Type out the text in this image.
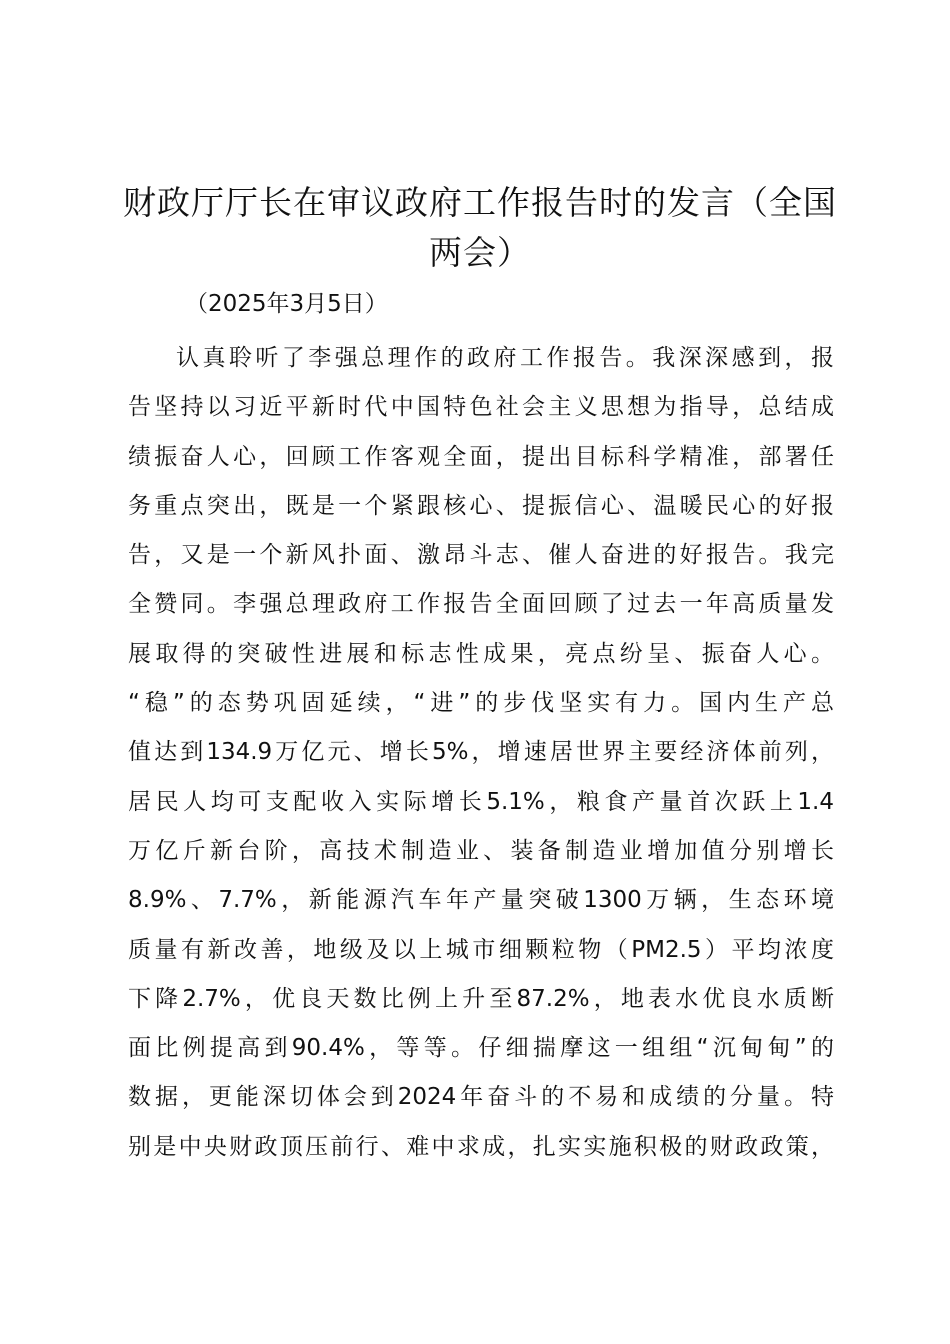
财政厅厅长在审议政府工作报告时的发言（全国两会）

（2025年3月5日）

认真聆听了李强总理作的政府工作报告。我深深感到，报
告坚持以习近平新时代中国特色社会主义思想为指导，总结成
绩振奋人心，回顾工作客观全面，提出目标科学精准，部署任
务重点突出，既是一个紧跟核心、提振信心、温暖民心的好报
告，又是一个新风扑面、激昂斗志、催人奋进的好报告。我完
全赞同。李强总理政府工作报告全面回顾了过去一年高质量发
展取得的突破性进展和标志性成果，亮点纷呈、振奋人心。
“稳”的态势巩固延续，“进”的步伐坚实有力。国内生产总
值达到134.9万亿元、增长5%，增速居世界主要经济体前列，
居民人均可支配收入实际增长5.1%，粮食产量首次跃上1.4
万亿斤新台阶，高技术制造业、装备制造业增加值分别增长
8.9%、7.7%，新能源汽车年产量突破1300万辆，生态环境
质量有新改善，地级及以上城市细颗粒物（PM2.5）平均浓度
下降2.7%，优良天数比例上升至87.2%，地表水优良水质断
面比例提高到90.4%，等等。仔细揣摩这一组组“沉甸甸”的
数据，更能深切体会到2024年奋斗的不易和成绩的分量。特
别是中央财政顶压前行、难中求成，扎实实施积极的财政政策，
